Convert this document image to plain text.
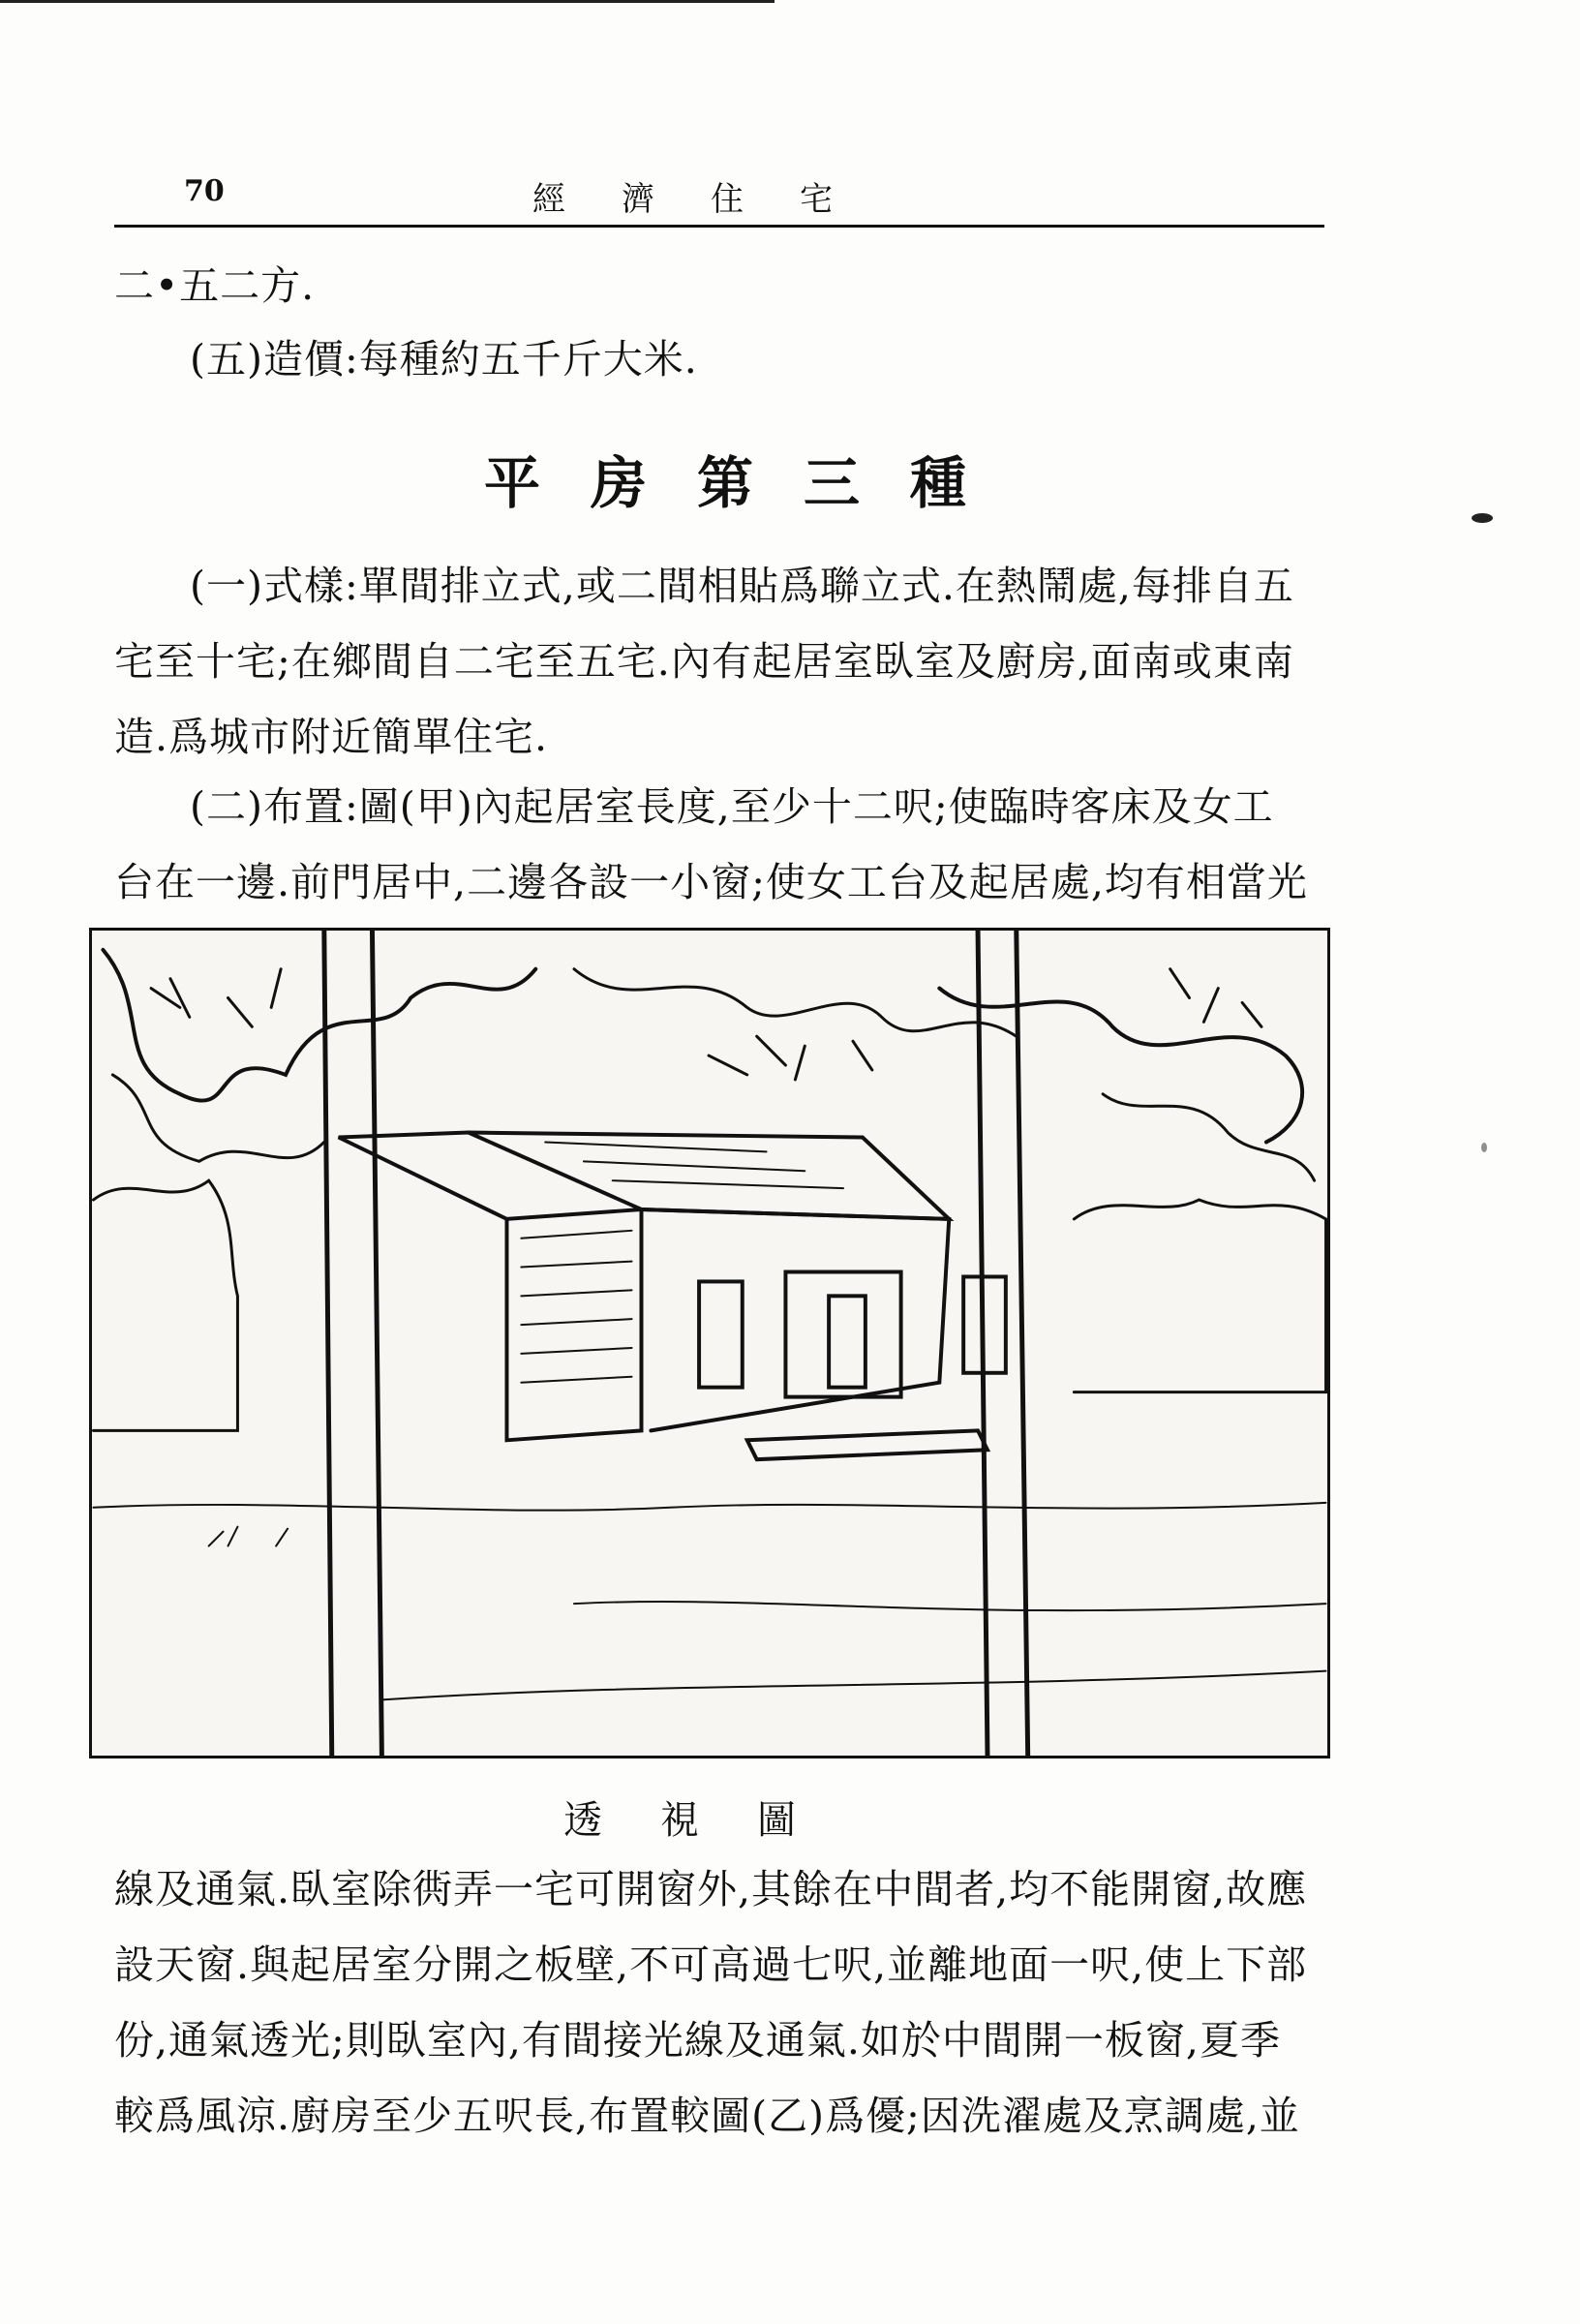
70	經濟住宅
二•五二方.
(五)造價:每種約五千斤大米.
平房第三種
(一)式樣:單間排立式,或二間相貼爲聯立式.在熱鬧處,每排自五
宅至十宅;在鄉間自二宅至五宅.內有起居室臥室及廚房,面南或東南
造.爲城市附近簡單住宅.
(二)布置:圖(甲)內起居室長度,至少十二呎;使臨時客床及女工
台在一邊.前門居中,二邊各設一小窗;使女工台及起居處,均有相當光
透視圖
線及通氣.臥室除衖弄一宅可開窗外,其餘在中間者,均不能開窗,故應
設天窗.與起居室分開之板壁,不可高過七呎,並離地面一呎,使上下部
份,通氣透光;則臥室內,有間接光線及通氣.如於中間開一板窗,夏季
較爲風涼.廚房至少五呎長,布置較圖(乙)爲優;因洗濯處及烹調處,並
